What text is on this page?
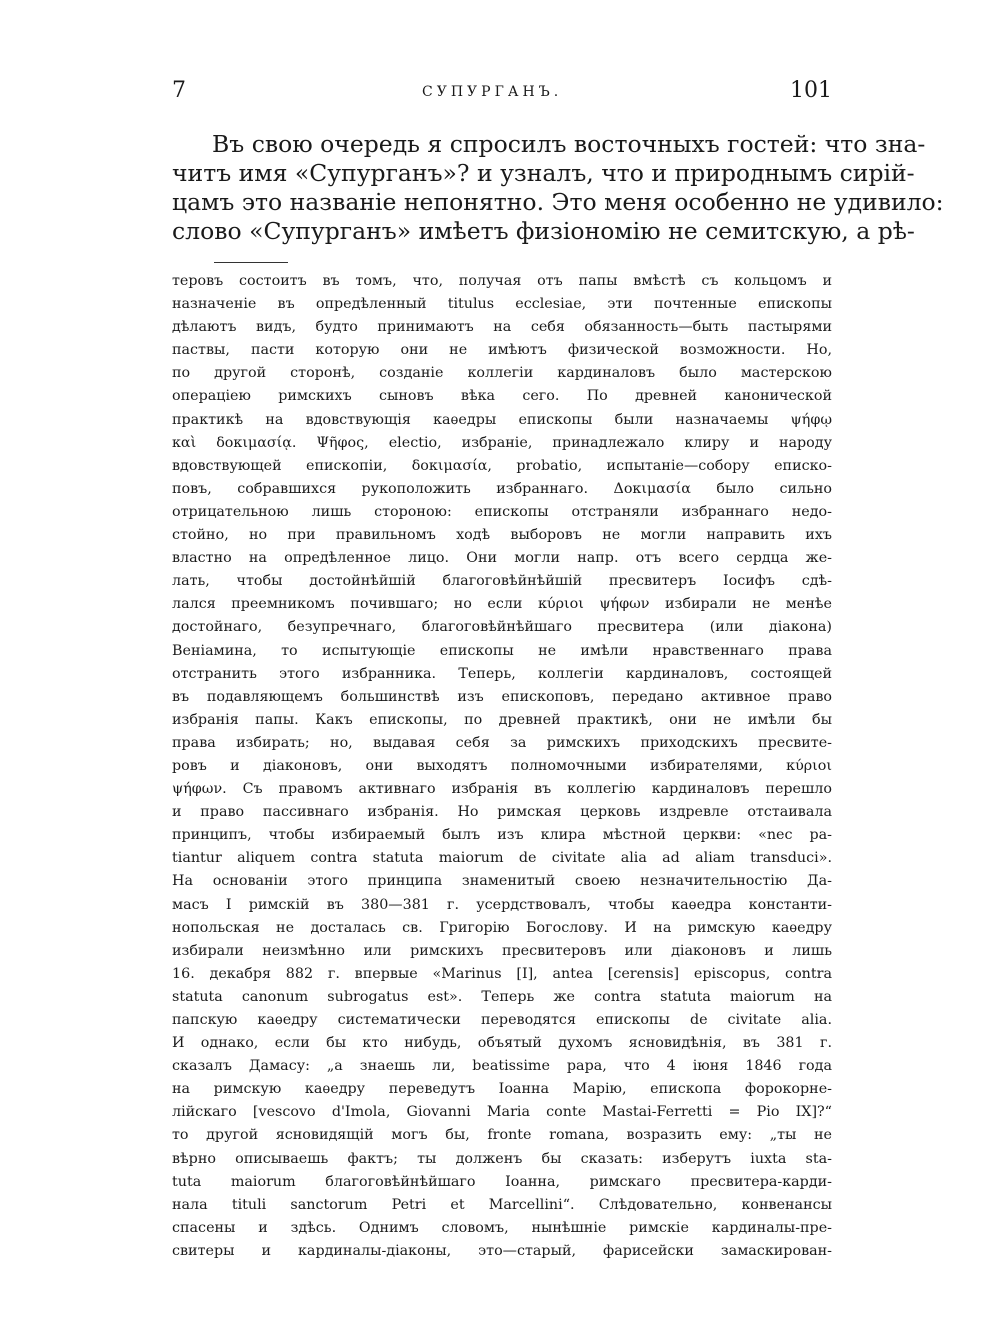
7	СУПУРГАНЪ.	101
Въ свою очередь я спросилъ восточныхъ гостей: что зна-
читъ имя «Супурганъ»? и узналъ, что и природнымъ сирій-
цамъ это названіе непонятно. Это меня особенно не удивило:
слово «Супурганъ» имѣетъ физіономію не семитскую, а рѣ-
теровъ состоитъ въ томъ, что, получая отъ папы вмѣстѣ съ кольцомъ и
назначеніе въ опредѣленный titulus ecclesiae, эти почтенные епископы
дѣлаютъ видъ, будто принимаютъ на себя обязанность—быть пастырями
паствы, пасти которую они не имѣютъ физической возможности. Но,
по другой сторонѣ, созданіе коллегіи кардиналовъ было мастерскою
операціею римскихъ сыновъ вѣка сего. По древней канонической
практикѣ на вдовствующія каѳедры епископы были назначаемы ψήφῳ
καὶ δοκιμασίᾳ. Ψῆφος, electio, избраніе, принадлежало клиру и народу
вдовствующей епископіи, δοκιμασία, probatio, испытаніе—собору еписко-
повъ, собравшихся рукоположить избраннаго. Δοκιμασία было сильно
отрицательною лишь стороною: епископы отстраняли избраннаго недо-
стойно, но при правильномъ ходѣ выборовъ не могли направить ихъ
властно на опредѣленное лицо. Они могли напр. отъ всего сердца же-
лать, чтобы достойнѣйшій благоговѣйнѣйшій пресвитеръ Іосифъ сдѣ-
лался преемникомъ почившаго; но если κύριοι ψήφων избирали не менѣе
достойнаго, безупречнаго, благоговѣйнѣйшаго пресвитера (или діакона)
Веніамина, то испытующіе епископы не имѣли нравственнаго права
отстранить этого избранника. Теперь, коллегіи кардиналовъ, состоящей
въ подавляющемъ большинствѣ изъ епископовъ, передано активное право
избранія папы. Какъ епископы, по древней практикѣ, они не имѣли бы
права избирать; но, выдавая себя за римскихъ приходскихъ пресвите-
ровъ и діаконовъ, они выходятъ полномочными избирателями, κύριοι
ψήφων. Съ правомъ активнаго избранія въ коллегію кардиналовъ перешло
и право пассивнаго избранія. Но римская церковь издревле отстаивала
принципъ, чтобы избираемый былъ изъ клира мѣстной церкви: «nec pa-
tiantur aliquem contra statuta maiorum de civitate alia ad aliam transduci».
На основаніи этого принципа знаменитый своею незначительностію Да-
масъ I римскій въ 380—381 г. усердствовалъ, чтобы каѳедра константи-
нопольская не досталась св. Григорію Богослову. И на римскую каѳедру
избирали неизмѣнно или римскихъ пресвитеровъ или діаконовъ и лишь
16. декабря 882 г. впервые «Marinus [I], antea [cerensis] episcopus, contra
statuta canonum subrogatus est». Теперь же contra statuta maiorum на
папскую каѳедру систематически переводятся епископы de civitate alia.
И однако, если бы кто нибудь, объятый духомъ ясновидѣнія, въ 381 г.
сказалъ Дамасу: „а знаешь ли, beatissime papa, что 4 іюня 1846 года
на римскую каѳедру переведутъ Іоанна Марію, епископа форокорне-
лійскаго [vescovo d'Imola, Giovanni Maria conte Mastai-Ferretti = Pio IX]?“
то другой ясновидящій могъ бы, fronte romana, возразить ему: „ты не
вѣрно описываешь фактъ; ты долженъ бы сказать: изберутъ iuxta sta-
tuta maiorum благоговѣйнѣйшаго Іоанна, римскаго пресвитера-карди-
нала tituli sanctorum Petri et Marcellini“. Слѣдовательно, конвенансы
спасены и здѣсь. Однимъ словомъ, нынѣшніе римскіе кардиналы-пре-
свитеры и кардиналы-діаконы, это—старый, фарисейски замаскирован-
